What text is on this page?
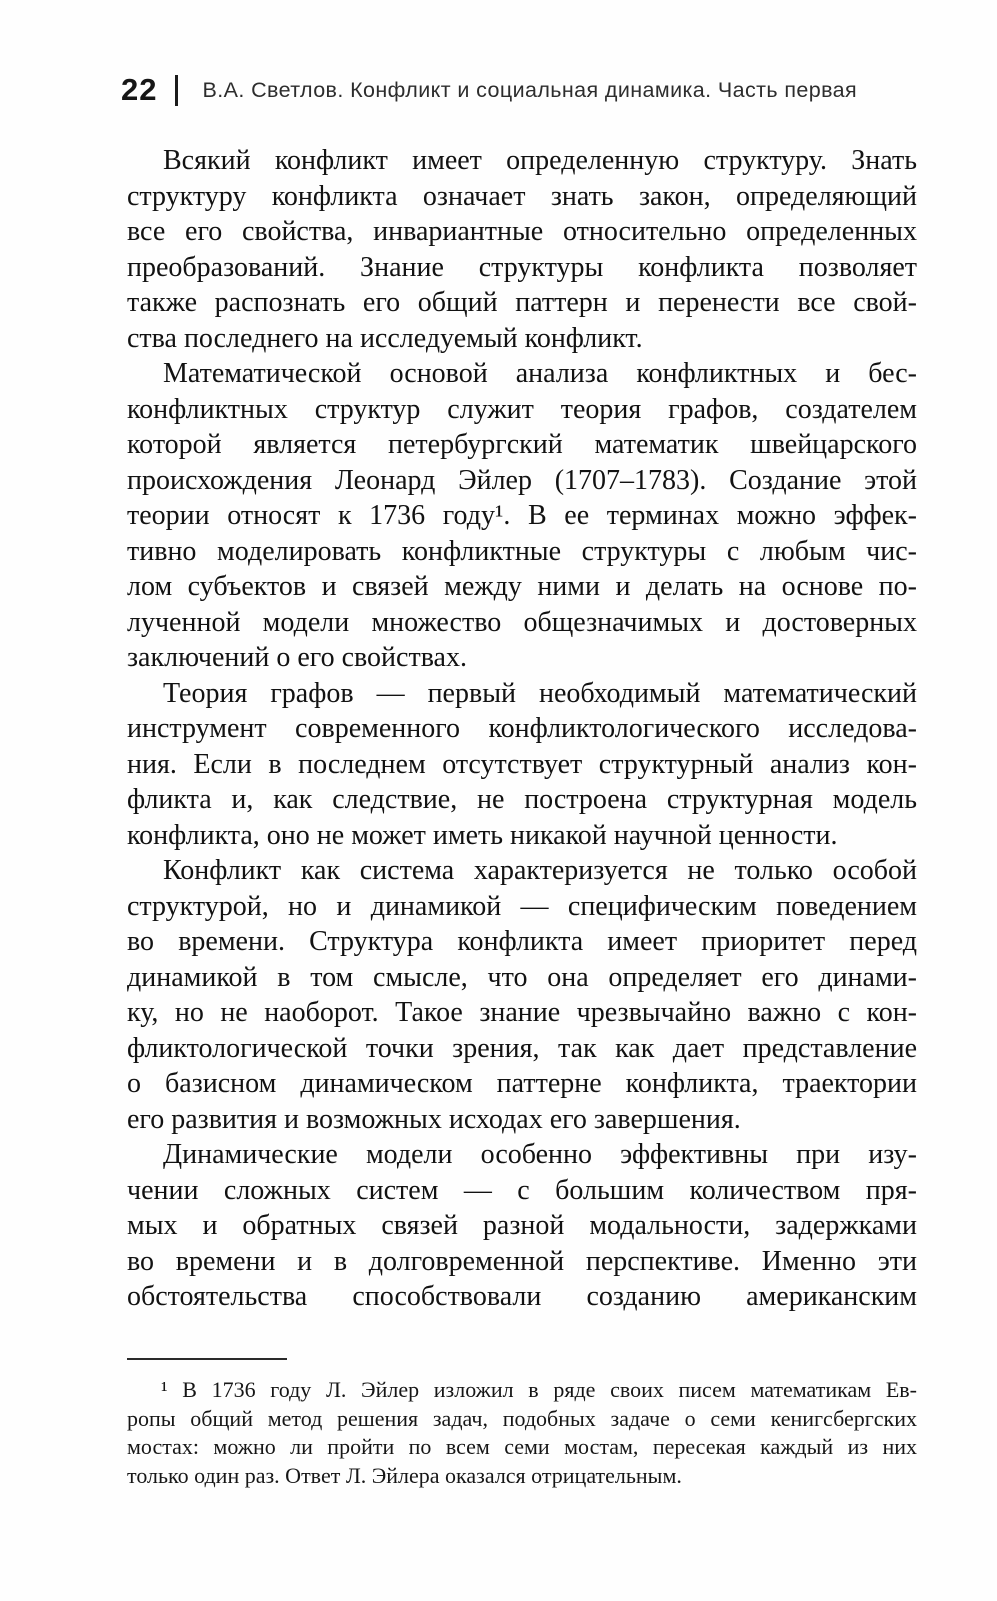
22 В.А. Светлов. Конфликт и социальная динамика. Часть первая

Всякий конфликт имеет определенную структуру. Знать
структуру конфликта означает знать закон, определяющий
все его свойства, инвариантные относительно определенных
преобразований. Знание структуры конфликта позволяет
также распознать его общий паттерн и перенести все свой-
ства последнего на исследуемый конфликт.

Математической основой анализа конфликтных и бес-
конфликтных структур служит теория графов, создателем
которой является петербургский математик швейцарского
происхождения Леонард Эйлер (1707–1783). Создание этой
теории относят к 1736 году¹. В ее терминах можно эффек-
тивно моделировать конфликтные структуры с любым чис-
лом субъектов и связей между ними и делать на основе по-
лученной модели множество общезначимых и достоверных
заключений о его свойствах.

Теория графов — первый необходимый математический
инструмент современного конфликтологического исследова-
ния. Если в последнем отсутствует структурный анализ кон-
фликта и, как следствие, не построена структурная модель
конфликта, оно не может иметь никакой научной ценности.

Конфликт как система характеризуется не только особой
структурой, но и динамикой — специфическим поведением
во времени. Структура конфликта имеет приоритет перед
динамикой в том смысле, что она определяет его динами-
ку, но не наоборот. Такое знание чрезвычайно важно с кон-
фликтологической точки зрения, так как дает представление
о базисном динамическом паттерне конфликта, траектории
его развития и возможных исходах его завершения.

Динамические модели особенно эффективны при изу-
чении сложных систем — с большим количеством пря-
мых и обратных связей разной модальности, задержками
во времени и в долговременной перспективе. Именно эти
обстоятельства способствовали созданию американским

¹ В 1736 году Л. Эйлер изложил в ряде своих писем математикам Ев-
ропы общий метод решения задач, подобных задаче о семи кенигсбергских
мостах: можно ли пройти по всем семи мостам, пересекая каждый из них
только один раз. Ответ Л. Эйлера оказался отрицательным.
